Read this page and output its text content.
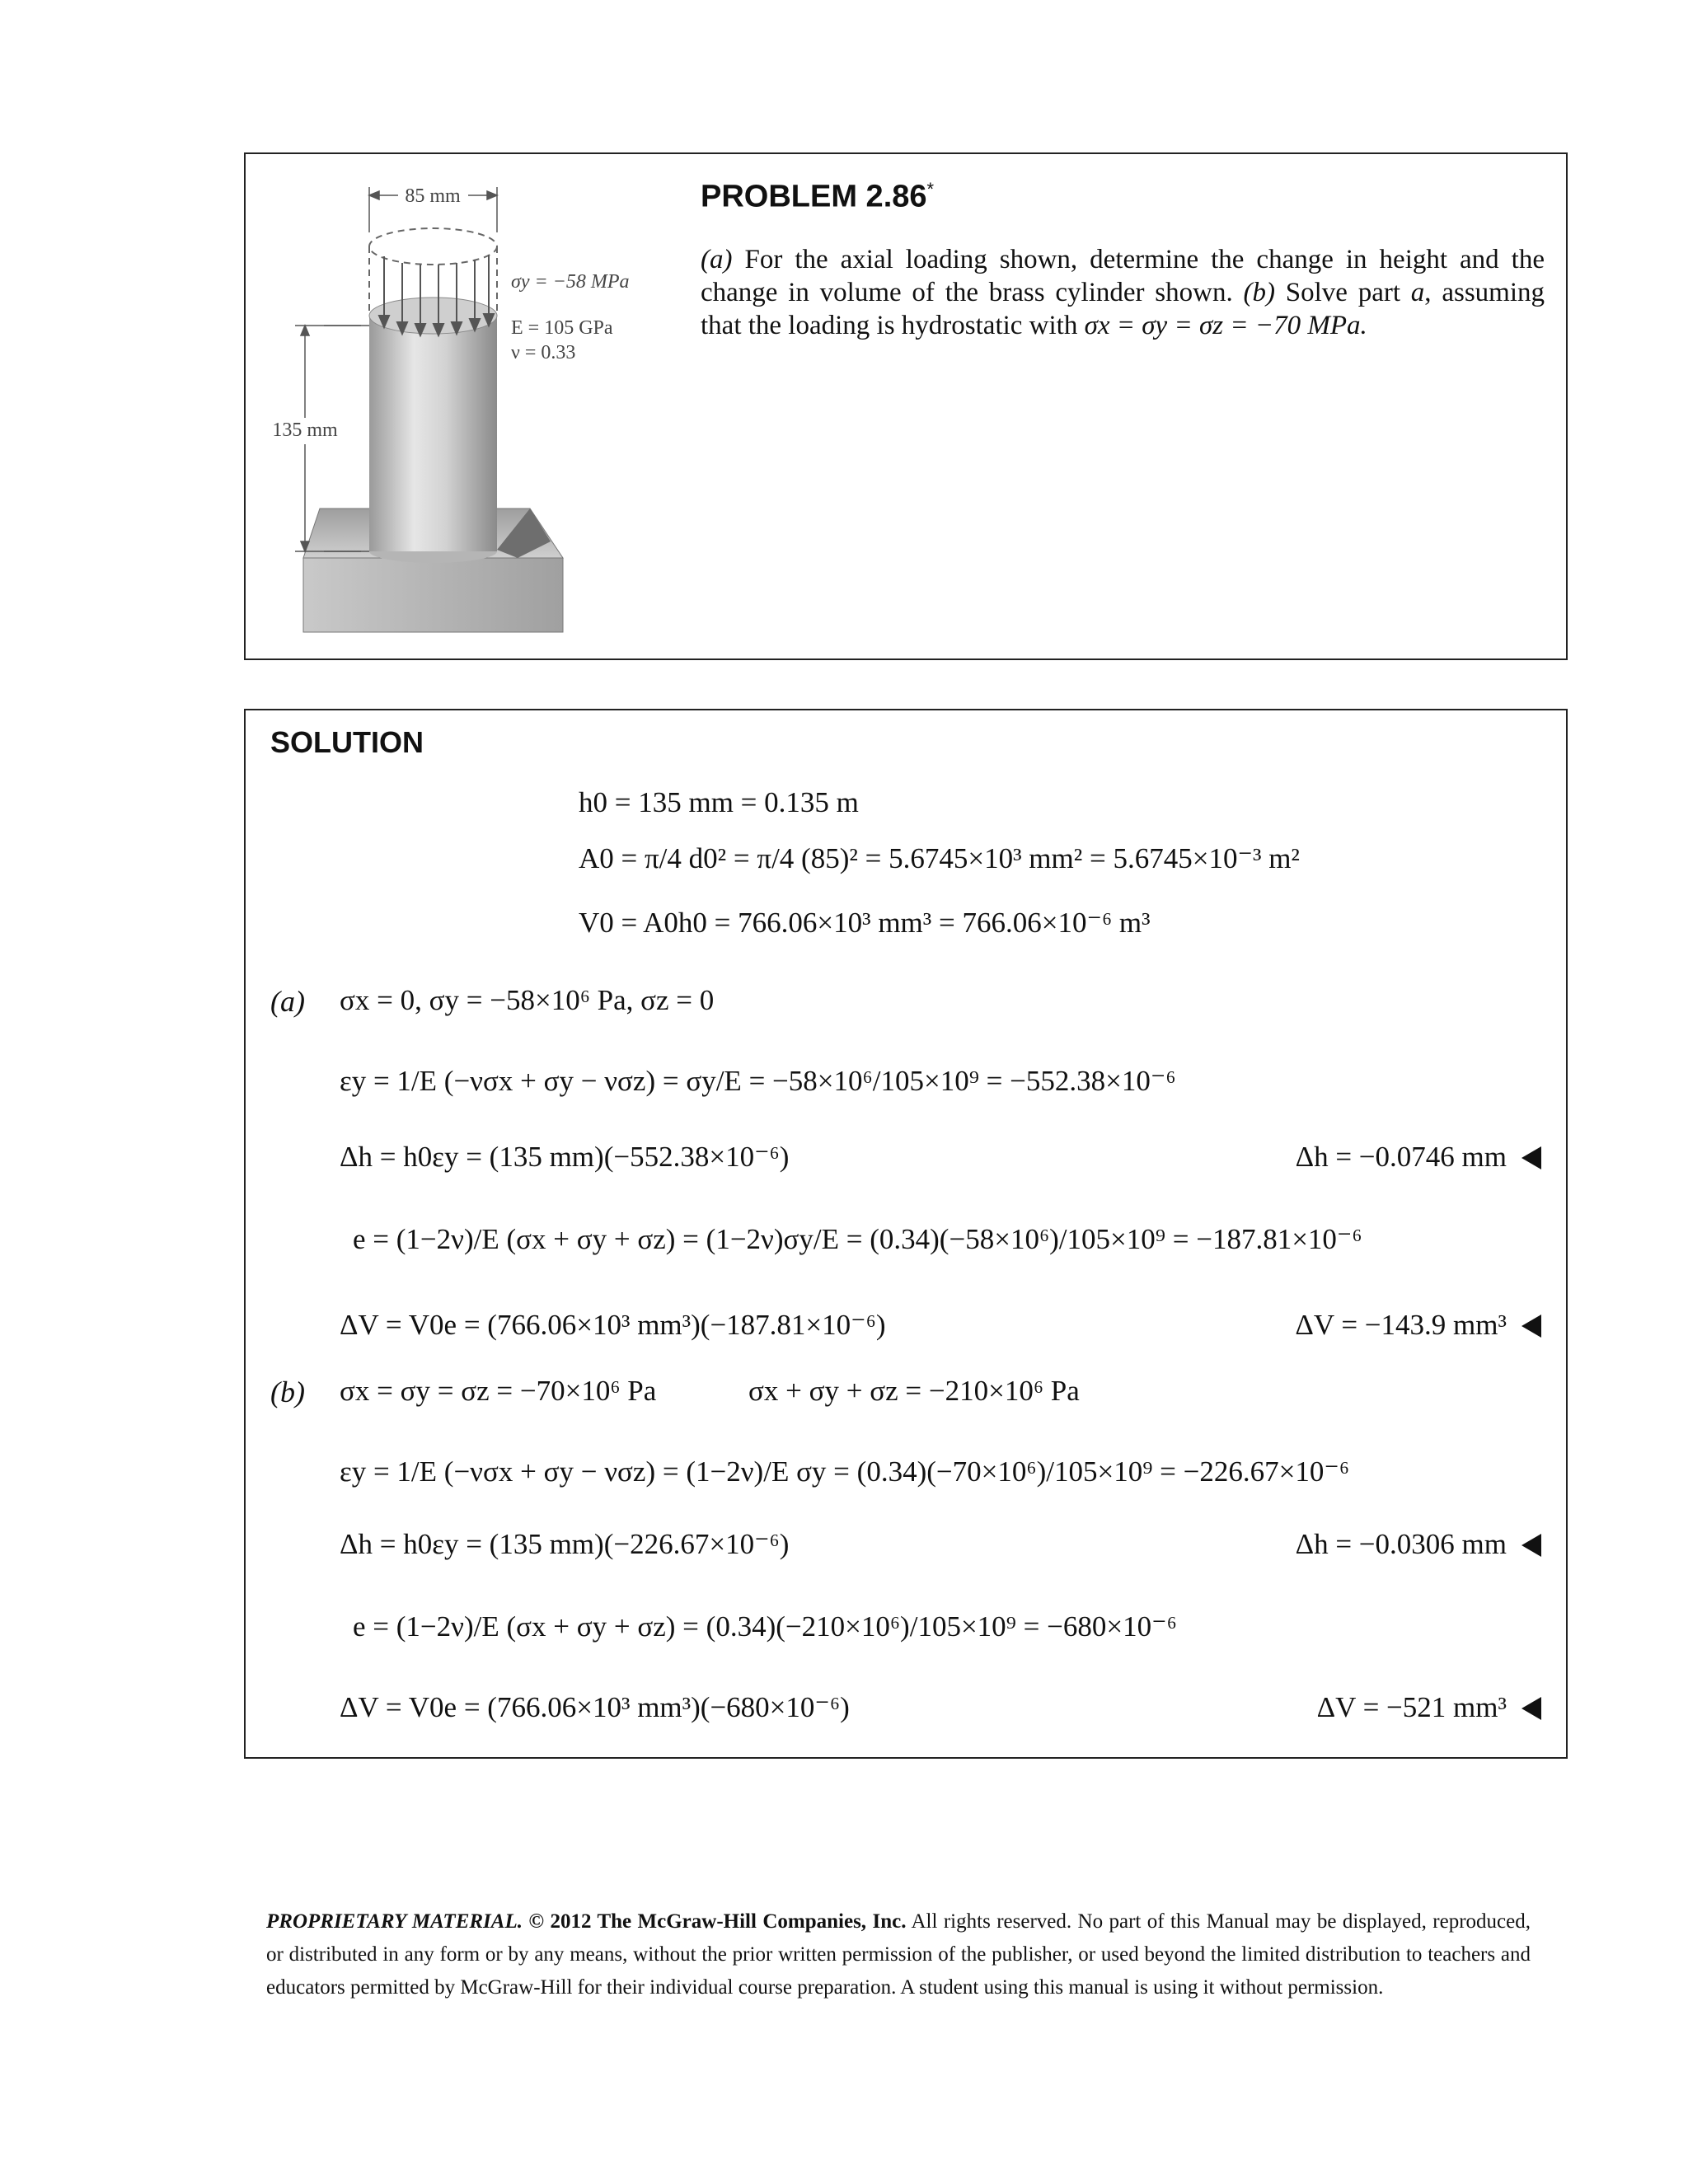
85 mm
135 mm
σy = −58 MPa
E = 105 GPa
ν = 0.33
PROBLEM 2.86*
(a) For the axial loading shown, determine the change in height and the change in volume of the brass cylinder shown. (b) Solve part a, assuming that the loading is hydrostatic with σx = σy = σz = −70 MPa.
SOLUTION
h0 = 135 mm = 0.135 m
A0 = π/4 d0² = π/4 (85)² = 5.6745×10³ mm² = 5.6745×10⁻³ m²
V0 = A0h0 = 766.06×10³ mm³ = 766.06×10⁻⁶ m³
(a) σx = 0, σy = −58×10⁶ Pa, σz = 0
εy = 1/E (−νσx + σy − νσz) = σy/E = −58×10⁶/105×10⁹ = −552.38×10⁻⁶
Δh = h0εy = (135 mm)(−552.38×10⁻⁶)	Δh = −0.0746 mm
e = (1−2ν)/E (σx + σy + σz) = (1−2ν)σy/E = (0.34)(−58×10⁶)/105×10⁹ = −187.81×10⁻⁶
ΔV = V0e = (766.06×10³ mm³)(−187.81×10⁻⁶)	ΔV = −143.9 mm³
(b) σx = σy = σz = −70×10⁶ Pa	σx + σy + σz = −210×10⁶ Pa
εy = 1/E (−νσx + σy − νσz) = (1−2ν)/E σy = (0.34)(−70×10⁶)/105×10⁹ = −226.67×10⁻⁶
Δh = h0εy = (135 mm)(−226.67×10⁻⁶)	Δh = −0.0306 mm
e = (1−2ν)/E (σx + σy + σz) = (0.34)(−210×10⁶)/105×10⁹ = −680×10⁻⁶
ΔV = V0e = (766.06×10³ mm³)(−680×10⁻⁶)	ΔV = −521 mm³
PROPRIETARY MATERIAL. © 2012 The McGraw-Hill Companies, Inc. All rights reserved. No part of this Manual may be displayed, reproduced, or distributed in any form or by any means, without the prior written permission of the publisher, or used beyond the limited distribution to teachers and educators permitted by McGraw-Hill for their individual course preparation. A student using this manual is using it without permission.
